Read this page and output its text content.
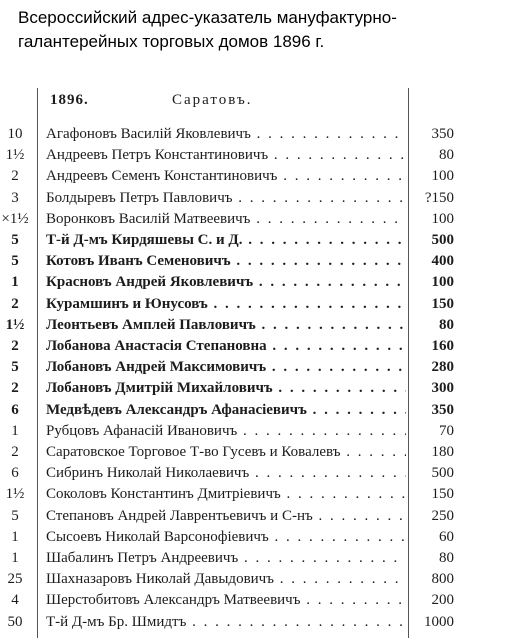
Всероссийский адрес-указатель мануфактурно-галантерейных торговых домов 1896 г.
1896.	Саратовъ.
10	Агафоновъ Василій Яковлевичъ . . .	350
1½	Андреевъ Петръ Константиновичъ . . .	80
2	Андреевъ Семенъ Константиновичъ . . .	100
3	Болдыревъ Петръ Павловичъ . . .	?150
×1½ Воронковъ Василій Матвеевичъ . . .	100
5	Т-й Д-мъ Кирдяшевы С. и Д. . . .	500
5	Котовъ Иванъ Семеновичъ . . .	400
1	Красновъ Андрей Яковлевичъ . . .	100
2	Курамшинъ и Юнусовъ . . .	150
1½	Леонтьевъ Амплей Павловичъ . . .	80
2	Лобанова Анастасія Степановна . . .	160
5	Лобановъ Андрей Максимовичъ . . .	280
2	Лобановъ Дмитрій Михайловичъ . . .	300
6	Медвѣдевъ Александръ Афанасіевичъ . . .	350
1	Рубцовъ Афанасій Ивановичъ . . .	70
2	Саратовское Торговое Т-во Гусевъ и Ковалевъ . . .	180
6	Сибринъ Николай Николаевичъ . . .	500
1½	Соколовъ Константинъ Дмитріевичъ . . .	150
5	Степановъ Андрей Лаврентьевичъ и С-нъ . . .	250
1	Сысоевъ Николай Варсонофіевичъ . . .	60
1	Шабалинъ Петръ Андреевичъ . . .	80
25	Шахназаровъ Николай Давыдовичъ . . .	800
4	Шерстобитовъ Александръ Матвеевичъ . . .	200
50	Т-й Д-мъ Бр. Шмидтъ . . .	1000
